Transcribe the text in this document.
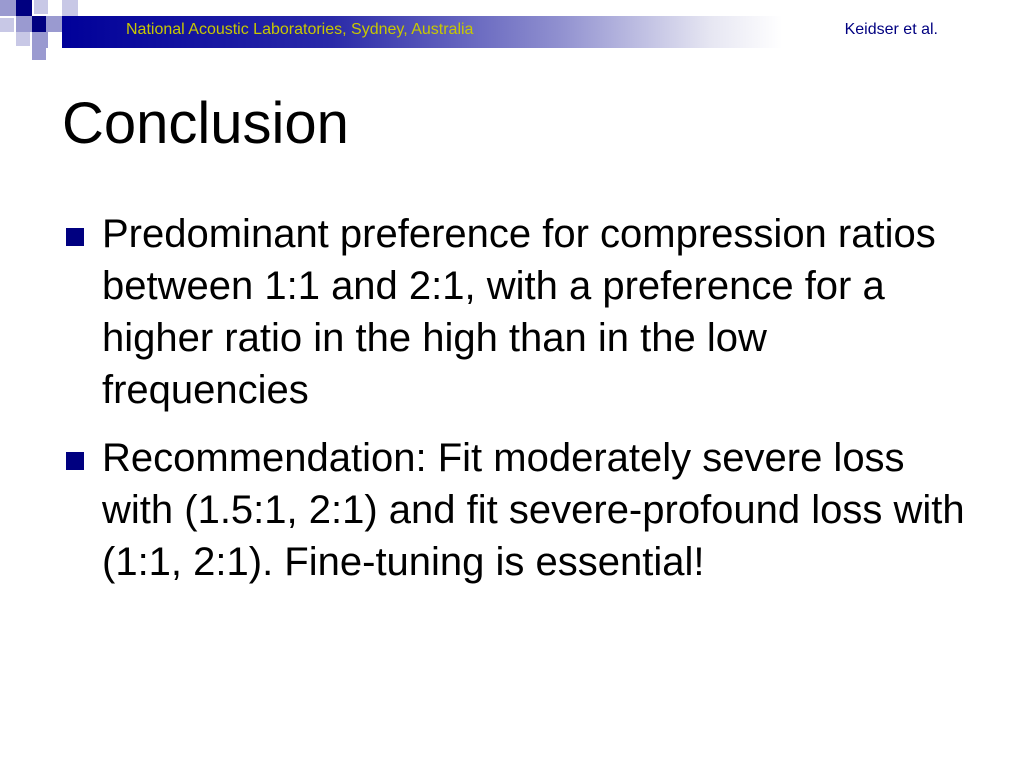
National Acoustic Laboratories, Sydney, Australia	Keidser et al.
Conclusion
Predominant preference for compression ratios between 1:1 and 2:1, with a preference for a higher ratio in the high than in the low frequencies
Recommendation: Fit moderately severe loss with (1.5:1, 2:1) and fit severe-profound loss with (1:1, 2:1). Fine-tuning is essential!
